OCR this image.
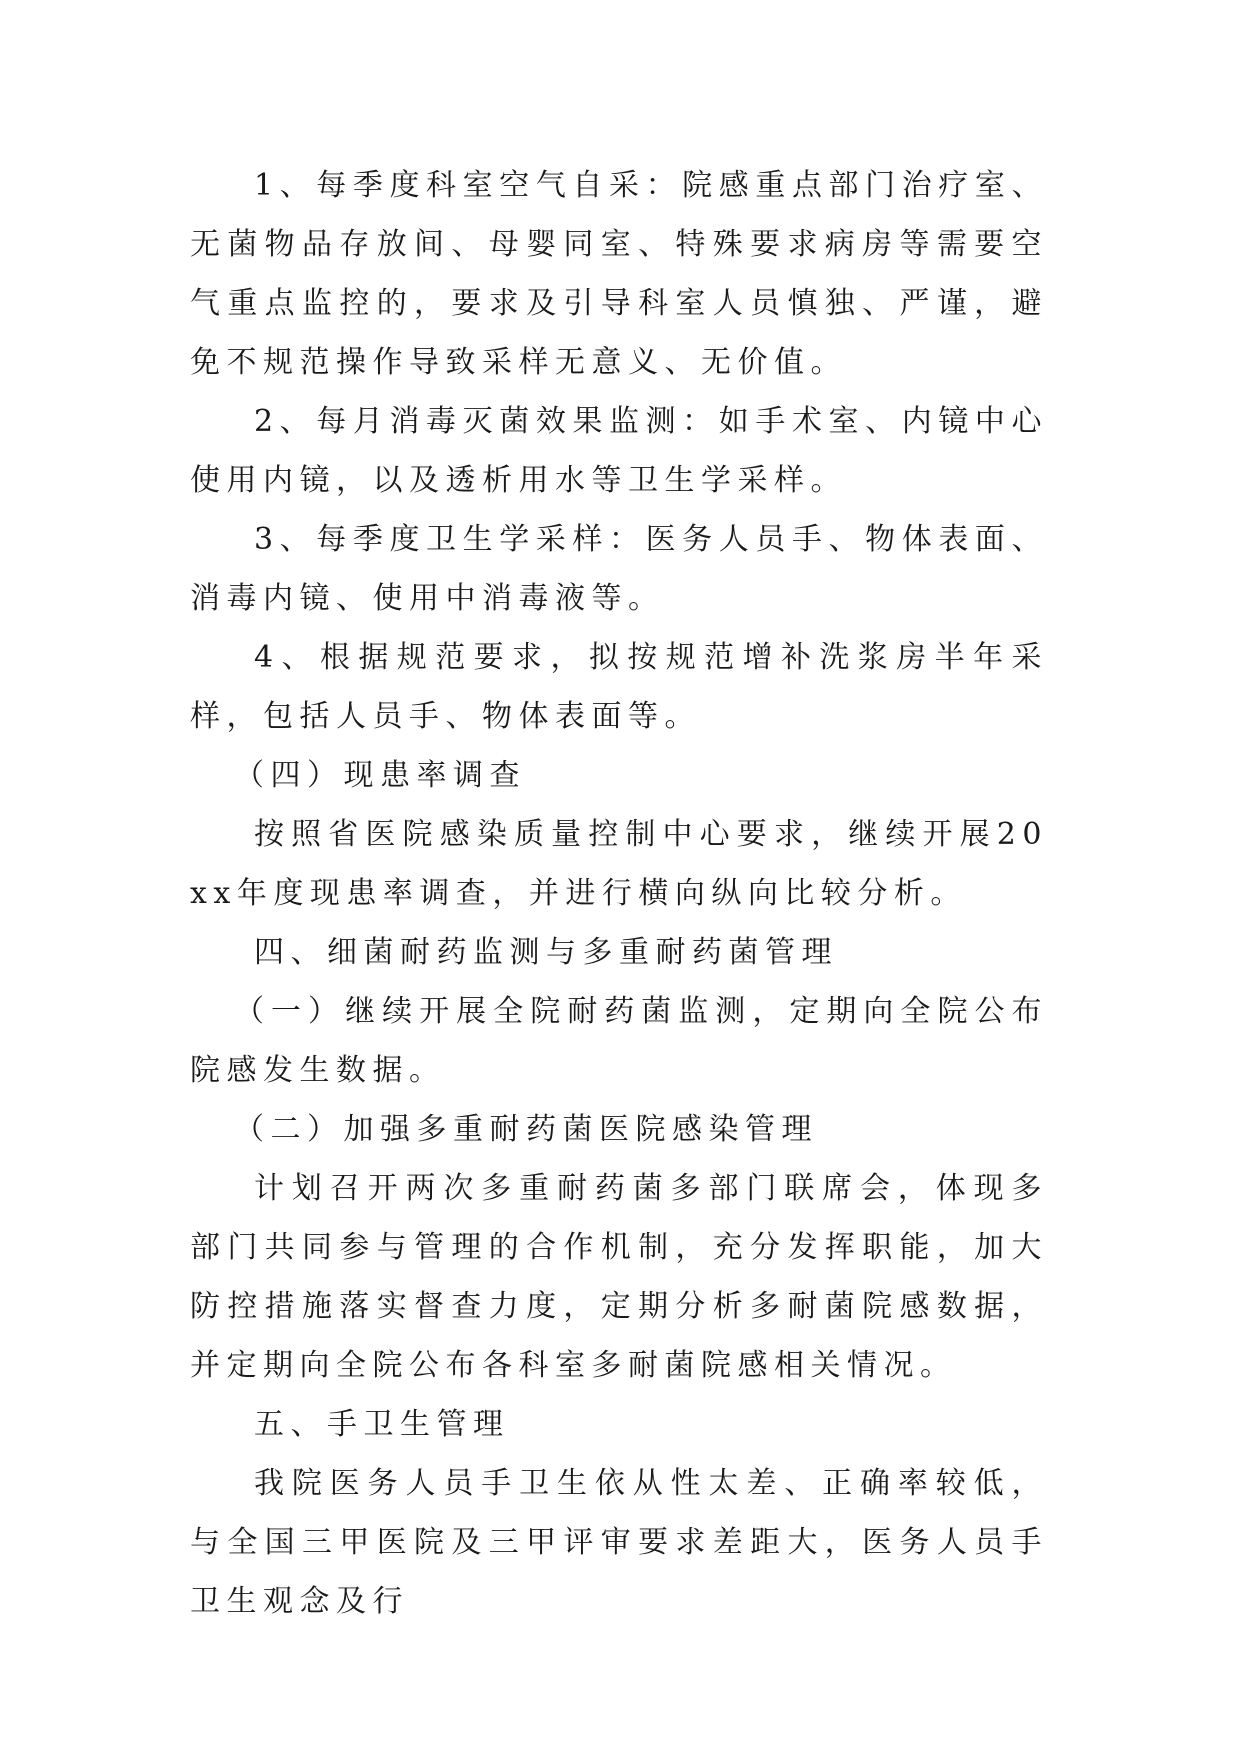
1、每季度科室空气自采：院感重点部门治疗室、无菌物品存放间、母婴同室、特殊要求病房等需要空气重点监控的，要求及引导科室人员慎独、严谨，避免不规范操作导致采样无意义、无价值。

2、每月消毒灭菌效果监测：如手术室、内镜中心使用内镜，以及透析用水等卫生学采样。

3、每季度卫生学采样：医务人员手、物体表面、消毒内镜、使用中消毒液等。

4、根据规范要求，拟按规范增补洗浆房半年采样，包括人员手、物体表面等。

（四）现患率调查

按照省医院感染质量控制中心要求，继续开展20xx年度现患率调查，并进行横向纵向比较分析。

四、细菌耐药监测与多重耐药菌管理

（一）继续开展全院耐药菌监测，定期向全院公布院感发生数据。

（二）加强多重耐药菌医院感染管理

计划召开两次多重耐药菌多部门联席会，体现多部门共同参与管理的合作机制，充分发挥职能，加大防控措施落实督查力度，定期分析多耐菌院感数据，并定期向全院公布各科室多耐菌院感相关情况。

五、手卫生管理

我院医务人员手卫生依从性太差、正确率较低，与全国三甲医院及三甲评审要求差距大，医务人员手卫生观念及行
